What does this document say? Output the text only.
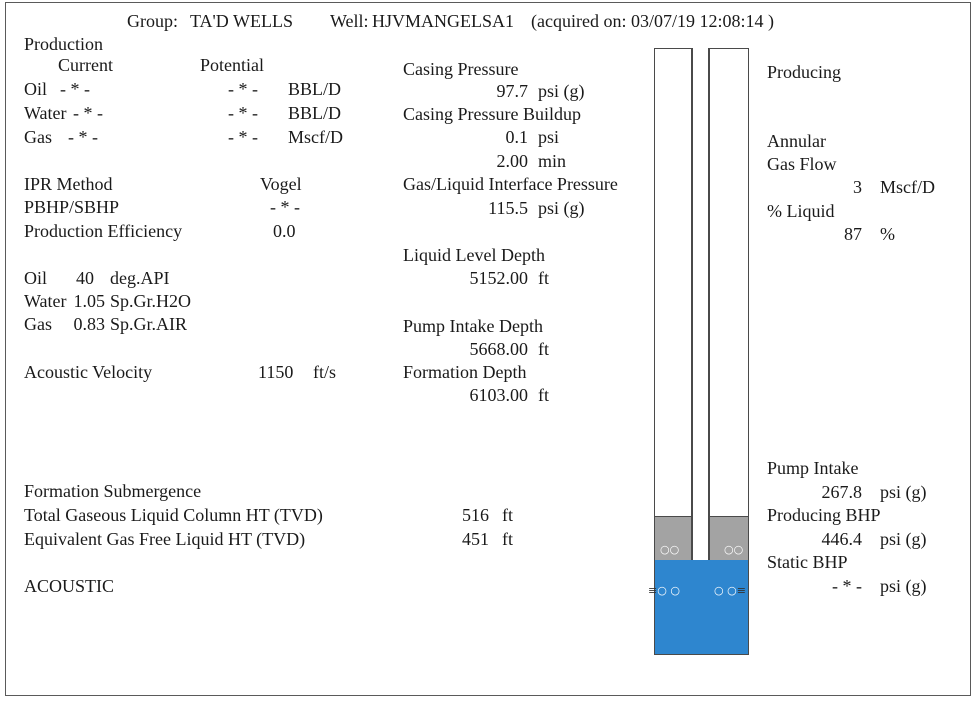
Group: TA'D WELLS Well: HJVMANGELSA1 (acquired on: 03/07/19 12:08:14 )
Production
Current	Potential
Oil - * -	- * - BBL/D
Water - * -	- * - BBL/D
Gas - * -	- * - Mscf/D
IPR Method	Vogel
PBHP/SBHP	- * -
Production Efficiency	0.0
Oil	40 deg.API
Water 1.05 Sp.Gr.H2O
Gas	0.83 Sp.Gr.AIR
Acoustic Velocity	1150 ft/s
Casing Pressure
97.7 psi (g)
Casing Pressure Buildup
0.1 psi
2.00 min
Gas/Liquid Interface Pressure
115.5 psi (g)
Liquid Level Depth
5152.00 ft
Pump Intake Depth
5668.00 ft
Formation Depth
6103.00 ft
Formation Submergence
Total Gaseous Liquid Column HT (TVD)	516 ft
Equivalent Gas Free Liquid HT (TVD)	451 ft
ACOUSTIC
○○	○○
≡○ ○	○ ○≡
Producing
Annular
Gas Flow
3 Mscf/D
% Liquid
87 %
Pump Intake
267.8 psi (g)
Producing BHP
446.4 psi (g)
Static BHP
- * - psi (g)
